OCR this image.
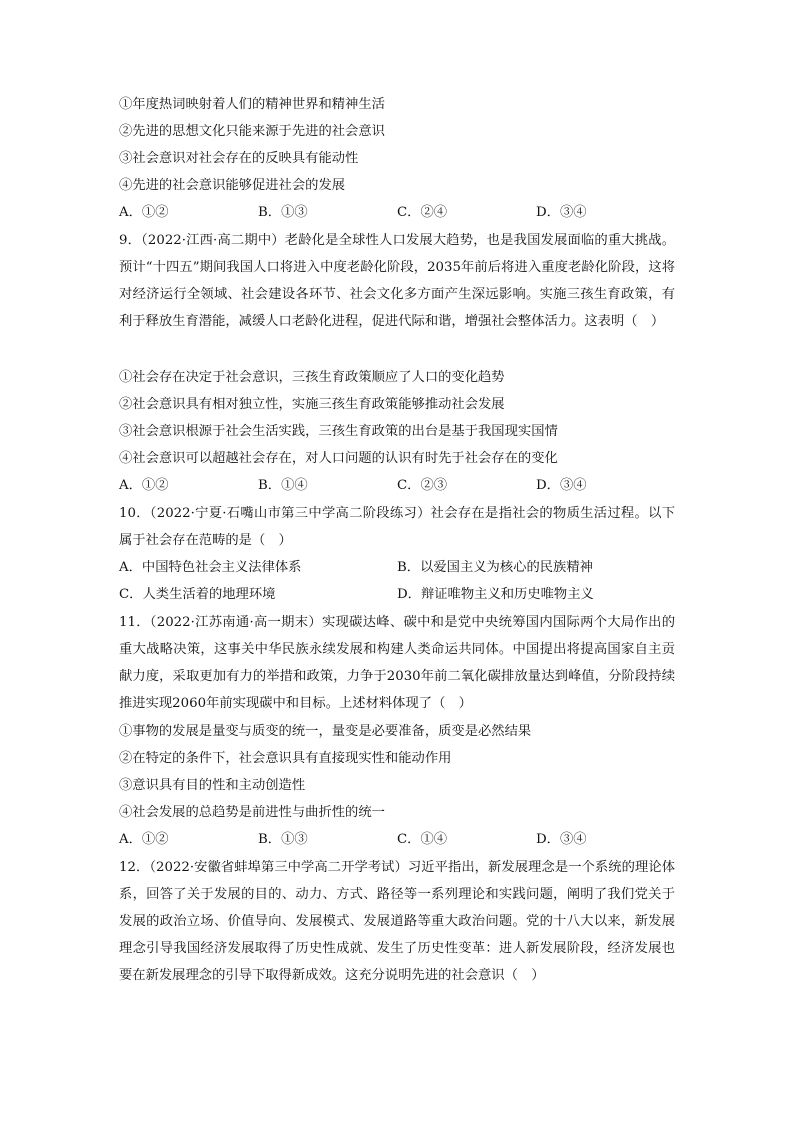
①年度热词映射着人们的精神世界和精神生活
②先进的思想文化只能来源于先进的社会意识
③社会意识对社会存在的反映具有能动性
④先进的社会意识能够促进社会的发展
A．①②	B．①③	C．②④	D．③④
9．（2022·江西·高二期中）老龄化是全球性人口发展大趋势，也是我国发展面临的重大挑战。预计“十四五”期间我国人口将进入中度老龄化阶段，2035年前后将进入重度老龄化阶段，这将对经济运行全领域、社会建设各环节、社会文化多方面产生深远影响。实施三孩生育政策，有利于释放生育潜能，减缓人口老龄化进程，促进代际和谐，增强社会整体活力。这表明（　）
①社会存在决定于社会意识，三孩生育政策顺应了人口的变化趋势
②社会意识具有相对独立性，实施三孩生育政策能够推动社会发展
③社会意识根源于社会生活实践，三孩生育政策的出台是基于我国现实国情
④社会意识可以超越社会存在，对人口问题的认识有时先于社会存在的变化
A．①②	B．①④	C．②③	D．③④
10．（2022·宁夏·石嘴山市第三中学高二阶段练习）社会存在是指社会的物质生活过程。以下属于社会存在范畴的是（　）
A．中国特色社会主义法律体系	B．以爱国主义为核心的民族精神
C．人类生活着的地理环境	D．辩证唯物主义和历史唯物主义
11．（2022·江苏南通·高一期末）实现碳达峰、碳中和是党中央统筹国内国际两个大局作出的重大战略决策，这事关中华民族永续发展和构建人类命运共同体。中国提出将提高国家自主贡献力度，采取更加有力的举措和政策，力争于2030年前二氧化碳排放量达到峰值，分阶段持续推进实现2060年前实现碳中和目标。上述材料体现了（　）
①事物的发展是量变与质变的统一，量变是必要准备，质变是必然结果
②在特定的条件下，社会意识具有直接现实性和能动作用
③意识具有目的性和主动创造性
④社会发展的总趋势是前进性与曲折性的统一
A．①②	B．①③	C．①④	D．③④
12．（2022·安徽省蚌埠第三中学高二开学考试）习近平指出，新发展理念是一个系统的理论体系，回答了关于发展的目的、动力、方式、路径等一系列理论和实践问题，阐明了我们党关于发展的政治立场、价值导向、发展模式、发展道路等重大政治问题。党的十八大以来，新发展理念引导我国经济发展取得了历史性成就、发生了历史性变革：进人新发展阶段，经济发展也要在新发展理念的引导下取得新成效。这充分说明先进的社会意识（　）
